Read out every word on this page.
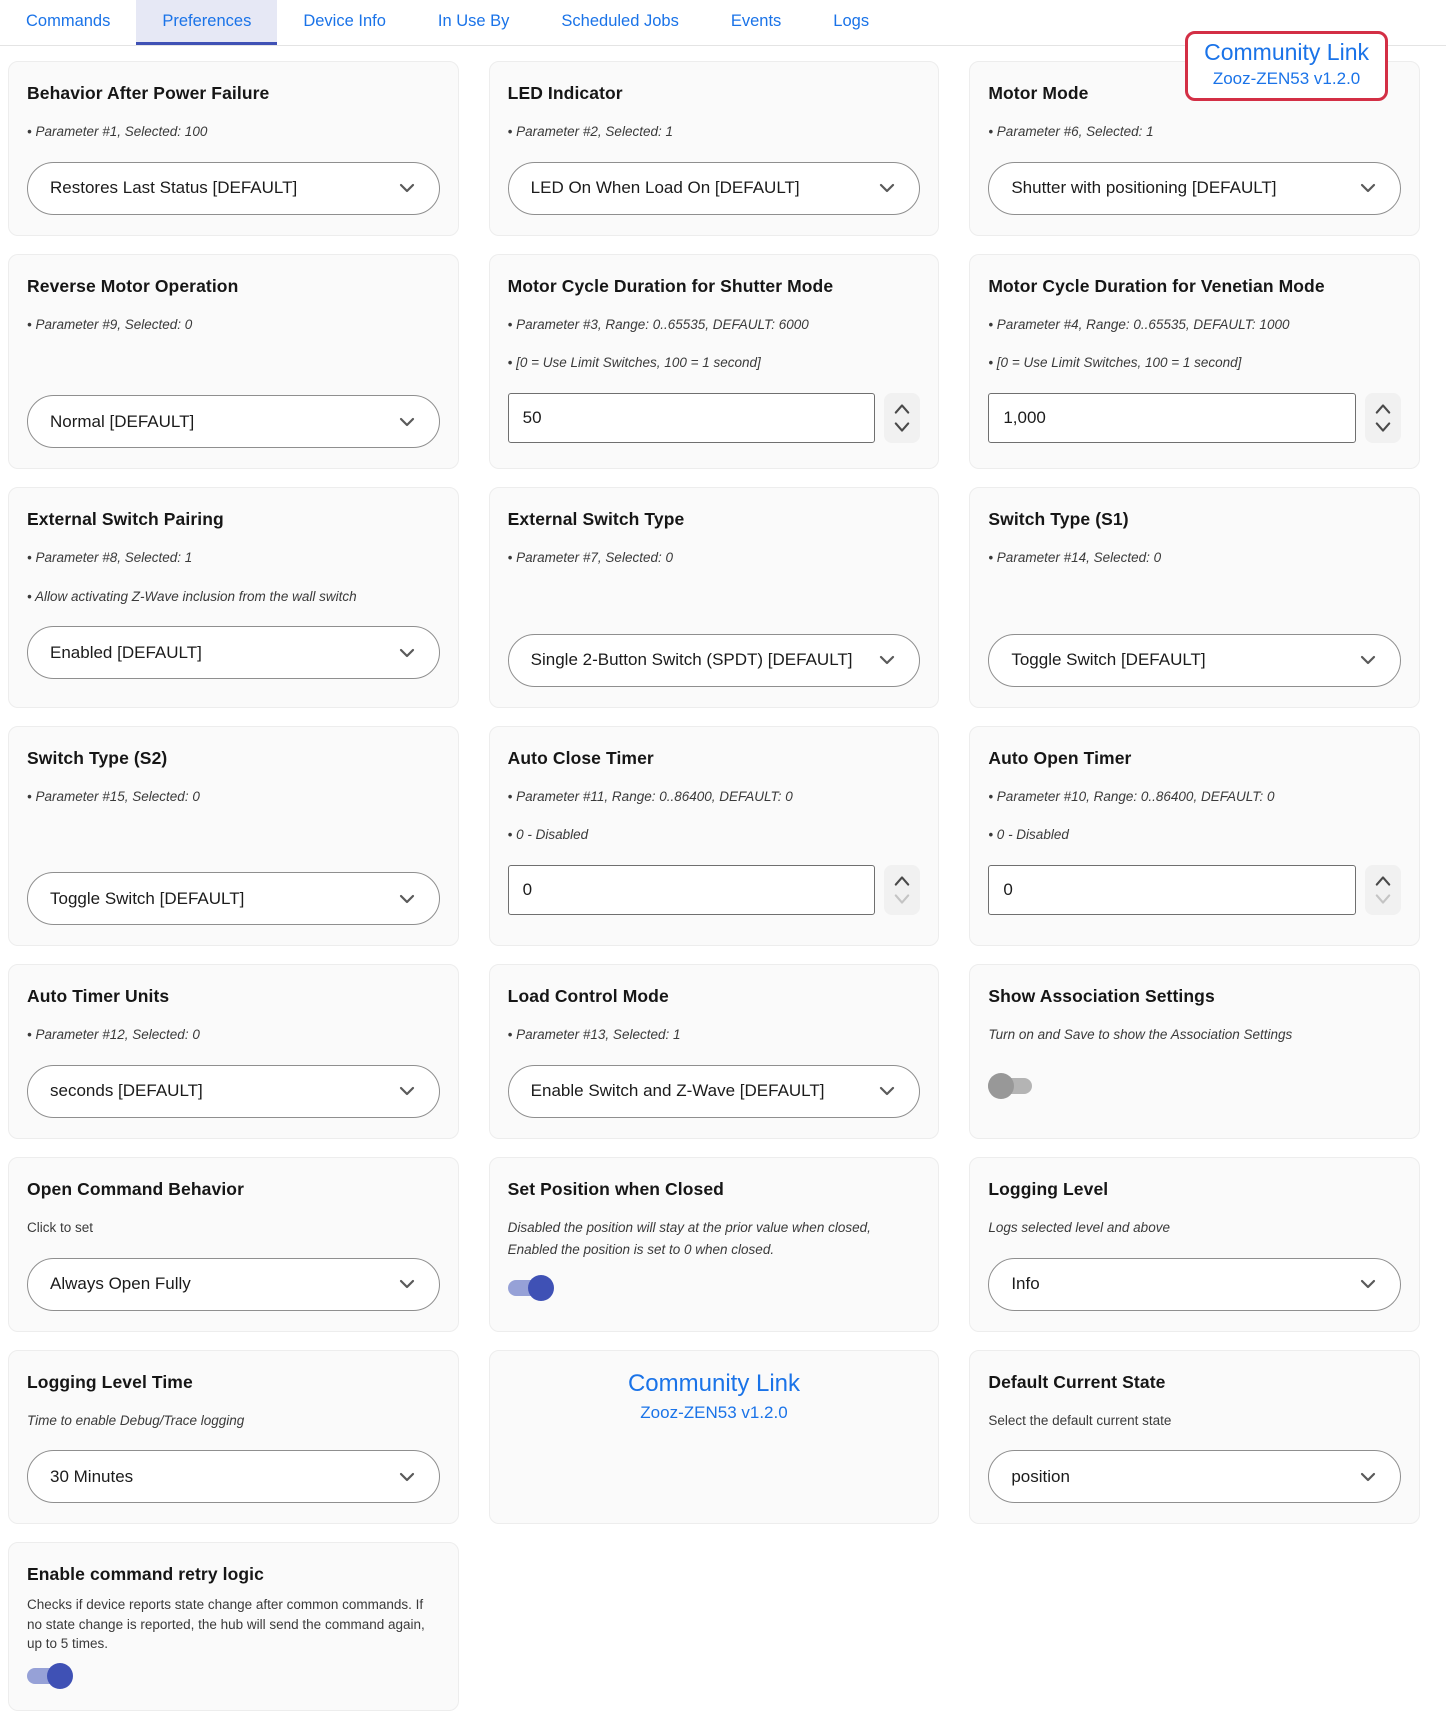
Commands	Preferences	Device Info	In Use By	Scheduled Jobs	Events	Logs
Community Link
Zooz-ZEN53 v1.2.0
Behavior After Power Failure

• Parameter #1, Selected: 100

Restores Last Status [DEFAULT]
LED Indicator

• Parameter #2, Selected: 1

LED On When Load On [DEFAULT]
Motor Mode

• Parameter #6, Selected: 1

Shutter with positioning [DEFAULT]
Reverse Motor Operation

• Parameter #9, Selected: 0

Normal [DEFAULT]
Motor Cycle Duration for Shutter Mode

• Parameter #3, Range: 0..65535, DEFAULT: 6000

• [0 = Use Limit Switches, 100 = 1 second]

50
Motor Cycle Duration for Venetian Mode

• Parameter #4, Range: 0..65535, DEFAULT: 1000

• [0 = Use Limit Switches, 100 = 1 second]

1,000
External Switch Pairing

• Parameter #8, Selected: 1

• Allow activating Z-Wave inclusion from the wall switch

Enabled [DEFAULT]
External Switch Type

• Parameter #7, Selected: 0

Single 2-Button Switch (SPDT) [DEFAULT]
Switch Type (S1)

• Parameter #14, Selected: 0

Toggle Switch [DEFAULT]
Switch Type (S2)

• Parameter #15, Selected: 0

Toggle Switch [DEFAULT]
Auto Close Timer

• Parameter #11, Range: 0..86400, DEFAULT: 0

• 0 - Disabled

0
Auto Open Timer

• Parameter #10, Range: 0..86400, DEFAULT: 0

• 0 - Disabled

0
Auto Timer Units

• Parameter #12, Selected: 0

seconds [DEFAULT]
Load Control Mode

• Parameter #13, Selected: 1

Enable Switch and Z-Wave [DEFAULT]
Show Association Settings

Turn on and Save to show the Association Settings

Open Command Behavior

Click to set

Always Open Fully
Set Position when Closed

Disabled the position will stay at the prior value when closed, Enabled the position is set to 0 when closed.

Logging Level

Logs selected level and above

Info
Logging Level Time

Time to enable Debug/Trace logging

30 Minutes
Community Link
Zooz-ZEN53 v1.2.0
Default Current State

Select the default current state

position
Enable command retry logic

Checks if device reports state change after common commands. If no state change is reported, the hub will send the command again, up to 5 times.
